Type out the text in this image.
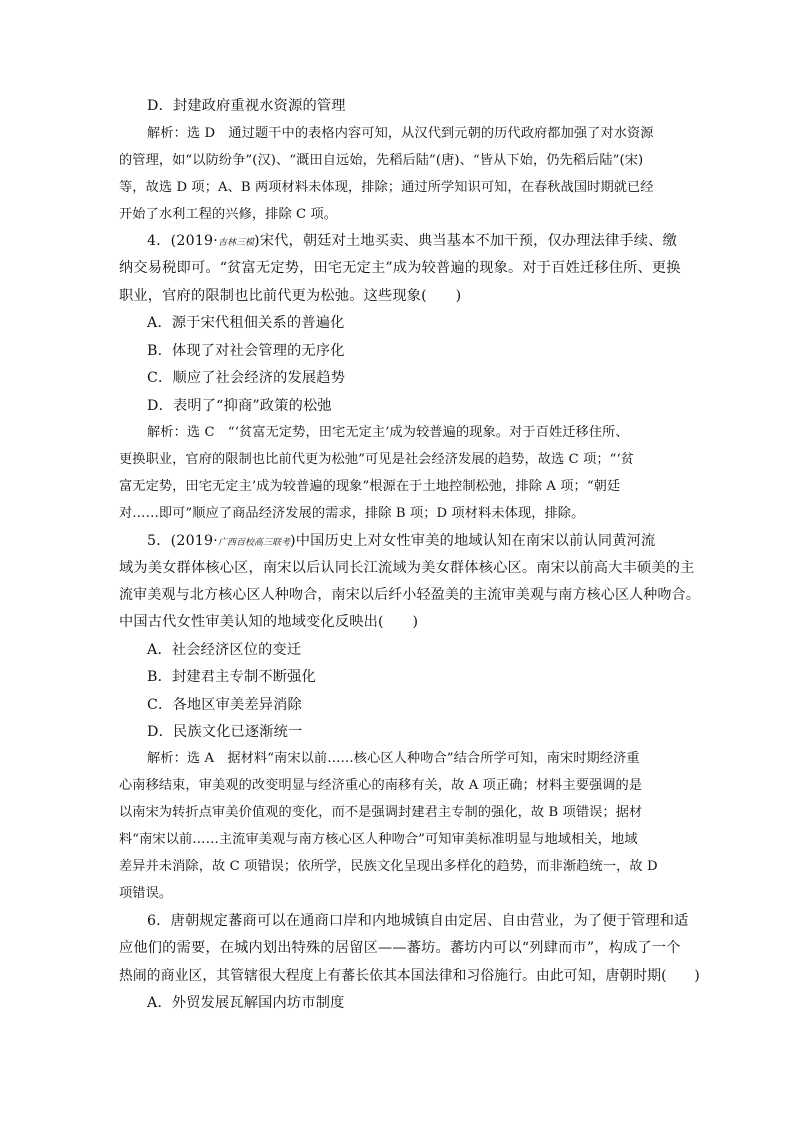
D．封建政府重视水资源的管理
解析：选 D　通过题干中的表格内容可知，从汉代到元朝的历代政府都加强了对水资源
的管理，如“以防纷争”(汉)、“溉田自远始，先稻后陆”(唐)、“皆从下始，仍先稻后陆”(宋)
等，故选 D 项；A、B 两项材料未体现，排除；通过所学知识可知，在春秋战国时期就已经
开始了水利工程的兴修，排除 C 项。
4．(2019·吉林三模)宋代，朝廷对土地买卖、典当基本不加干预，仅办理法律手续、缴
纳交易税即可。“贫富无定势，田宅无定主”成为较普遍的现象。对于百姓迁移住所、更换
职业，官府的限制也比前代更为松弛。这些现象(　　)
A．源于宋代租佃关系的普遍化
B．体现了对社会管理的无序化
C．顺应了社会经济的发展趋势
D．表明了“抑商”政策的松弛
解析：选 C　“‘贫富无定势，田宅无定主’成为较普遍的现象。对于百姓迁移住所、
更换职业，官府的限制也比前代更为松弛”可见是社会经济发展的趋势，故选 C 项；“‘贫
富无定势，田宅无定主’成为较普遍的现象”根源在于土地控制松弛，排除 A 项；“朝廷
对……即可”顺应了商品经济发展的需求，排除 B 项；D 项材料未体现，排除。
5．(2019·广西百校高三联考)中国历史上对女性审美的地域认知在南宋以前认同黄河流
域为美女群体核心区，南宋以后认同长江流域为美女群体核心区。南宋以前高大丰硕美的主
流审美观与北方核心区人种吻合，南宋以后纤小轻盈美的主流审美观与南方核心区人种吻合。
中国古代女性审美认知的地域变化反映出(　　)
A．社会经济区位的变迁
B．封建君主专制不断强化
C．各地区审美差异消除
D．民族文化已逐渐统一
解析：选 A　据材料“南宋以前……核心区人种吻合”结合所学可知，南宋时期经济重
心南移结束，审美观的改变明显与经济重心的南移有关，故 A 项正确；材料主要强调的是
以南宋为转折点审美价值观的变化，而不是强调封建君主专制的强化，故 B 项错误；据材
料“南宋以前……主流审美观与南方核心区人种吻合”可知审美标准明显与地域相关，地域
差异并未消除，故 C 项错误；依所学，民族文化呈现出多样化的趋势，而非渐趋统一，故 D
项错误。
6．唐朝规定蕃商可以在通商口岸和内地城镇自由定居、自由营业，为了便于管理和适
应他们的需要，在城内划出特殊的居留区——蕃坊。蕃坊内可以“列肆而市”，构成了一个
热闹的商业区，其管辖很大程度上有蕃长依其本国法律和习俗施行。由此可知，唐朝时期(　　)
A．外贸发展瓦解国内坊市制度
